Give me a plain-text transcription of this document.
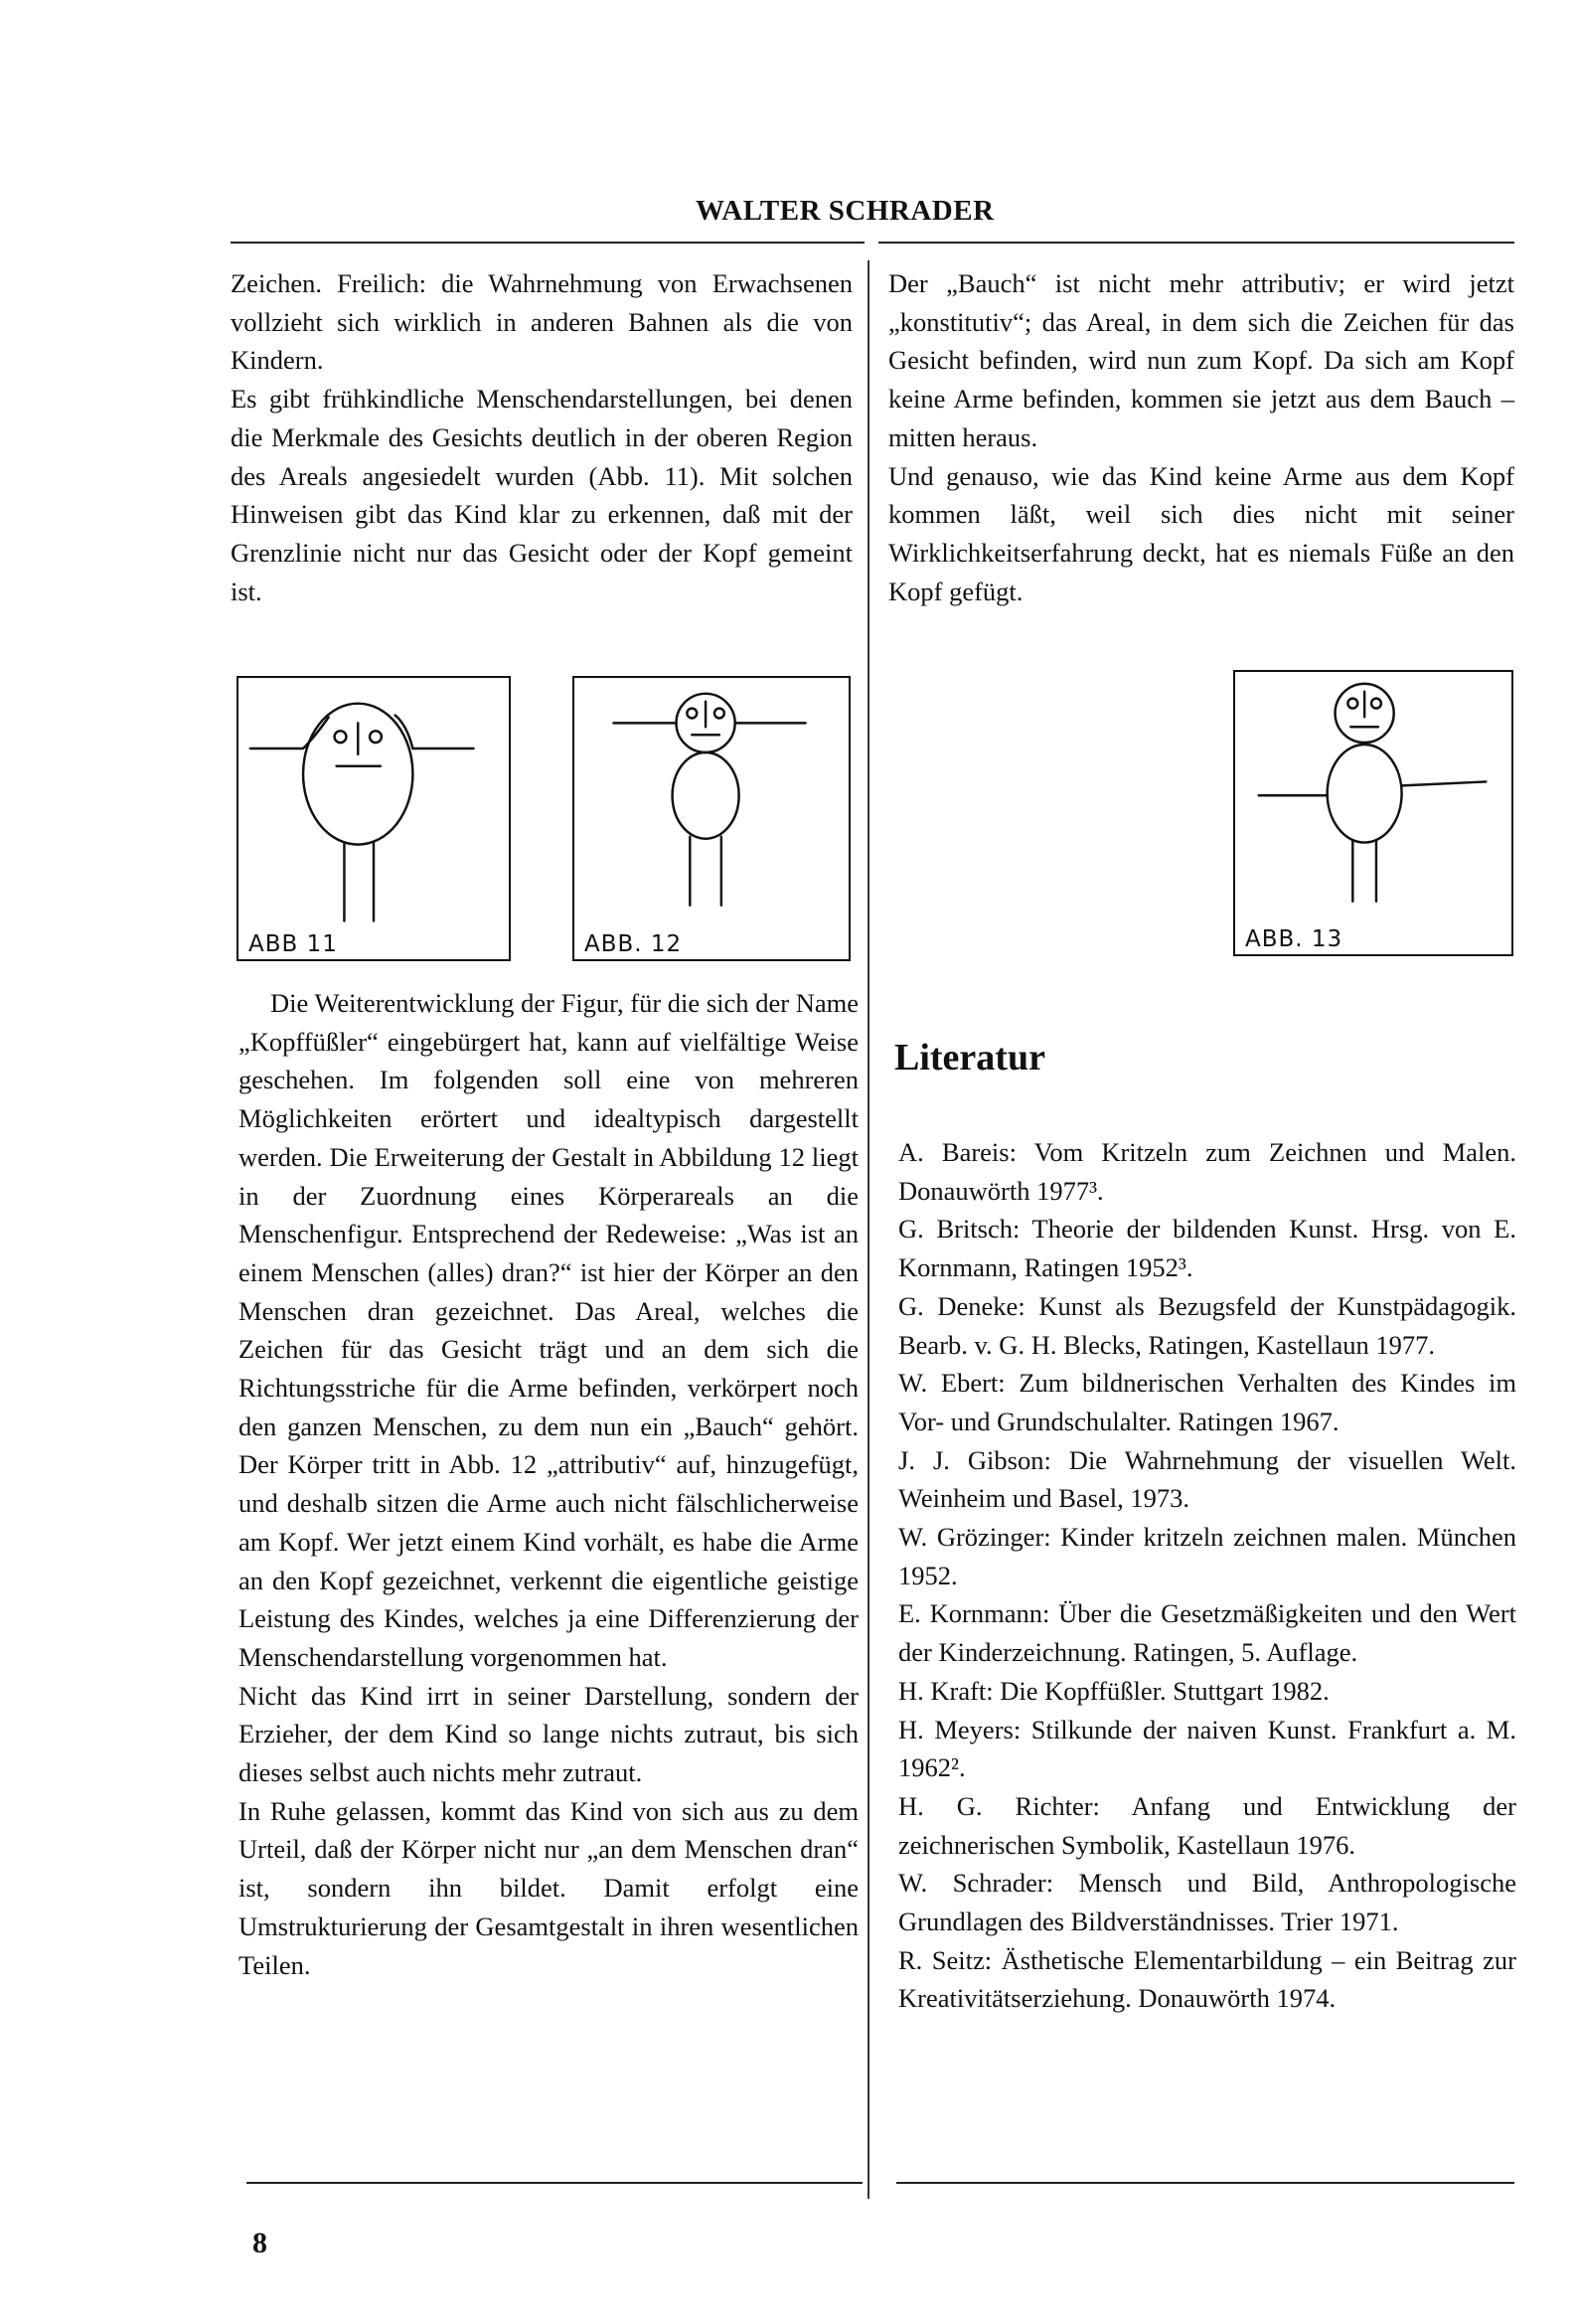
WALTER SCHRADER

Zeichen. Freilich: die Wahrnehmung von Erwachsenen vollzieht sich wirklich in anderen Bahnen als die von Kindern.

Es gibt frühkindliche Menschendarstellungen, bei denen die Merkmale des Gesichts deutlich in der oberen Region des Areals angesiedelt wurden (Abb. 11). Mit solchen Hinweisen gibt das Kind klar zu erkennen, daß mit der Grenzlinie nicht nur das Gesicht oder der Kopf gemeint ist.

Der „Bauch“ ist nicht mehr attributiv; er wird jetzt „konstitutiv“; das Areal, in dem sich die Zeichen für das Gesicht befinden, wird nun zum Kopf. Da sich am Kopf keine Arme befinden, kommen sie jetzt aus dem Bauch – mitten heraus.

Und genauso, wie das Kind keine Arme aus dem Kopf kommen läßt, weil sich dies nicht mit seiner Wirklichkeitserfahrung deckt, hat es niemals Füße an den Kopf gefügt.

ABB 11	ABB. 12	ABB. 13

Die Weiterentwicklung der Figur, für die sich der Name „Kopffüßler“ eingebürgert hat, kann auf vielfältige Weise geschehen. Im folgenden soll eine von mehreren Möglichkeiten erörtert und idealtypisch dargestellt werden. Die Erweiterung der Gestalt in Abbildung 12 liegt in der Zuordnung eines Körperareals an die Menschenfigur. Entsprechend der Redeweise: „Was ist an einem Menschen (alles) dran?“ ist hier der Körper an den Menschen dran gezeichnet. Das Areal, welches die Zeichen für das Gesicht trägt und an dem sich die Richtungsstriche für die Arme befinden, verkörpert noch den ganzen Menschen, zu dem nun ein „Bauch“ gehört. Der Körper tritt in Abb. 12 „attributiv“ auf, hinzugefügt, und deshalb sitzen die Arme auch nicht fälschlicherweise am Kopf. Wer jetzt einem Kind vorhält, es habe die Arme an den Kopf gezeichnet, verkennt die eigentliche geistige Leistung des Kindes, welches ja eine Differenzierung der Menschendarstellung vorgenommen hat.

Nicht das Kind irrt in seiner Darstellung, sondern der Erzieher, der dem Kind so lange nichts zutraut, bis sich dieses selbst auch nichts mehr zutraut.

In Ruhe gelassen, kommt das Kind von sich aus zu dem Urteil, daß der Körper nicht nur „an dem Menschen dran“ ist, sondern ihn bildet. Damit erfolgt eine Umstrukturierung der Gesamtgestalt in ihren wesentlichen Teilen.

Literatur

A. Bareis: Vom Kritzeln zum Zeichnen und Malen. Donauwörth 1977³.

G. Britsch: Theorie der bildenden Kunst. Hrsg. von E. Kornmann, Ratingen 1952³.

G. Deneke: Kunst als Bezugsfeld der Kunstpädagogik. Bearb. v. G. H. Blecks, Ratingen, Kastellaun 1977.

W. Ebert: Zum bildnerischen Verhalten des Kindes im Vor- und Grundschulalter. Ratingen 1967.

J. J. Gibson: Die Wahrnehmung der visuellen Welt. Weinheim und Basel, 1973.

W. Grözinger: Kinder kritzeln zeichnen malen. München 1952.

E. Kornmann: Über die Gesetzmäßigkeiten und den Wert der Kinderzeichnung. Ratingen, 5. Auflage.

H. Kraft: Die Kopffüßler. Stuttgart 1982.

H. Meyers: Stilkunde der naiven Kunst. Frankfurt a. M. 1962².

H. G. Richter: Anfang und Entwicklung der zeichnerischen Symbolik, Kastellaun 1976.

W. Schrader: Mensch und Bild, Anthropologische Grundlagen des Bildverständnisses. Trier 1971.

R. Seitz: Ästhetische Elementarbildung – ein Beitrag zur Kreativitätserziehung. Donauwörth 1974.

8
